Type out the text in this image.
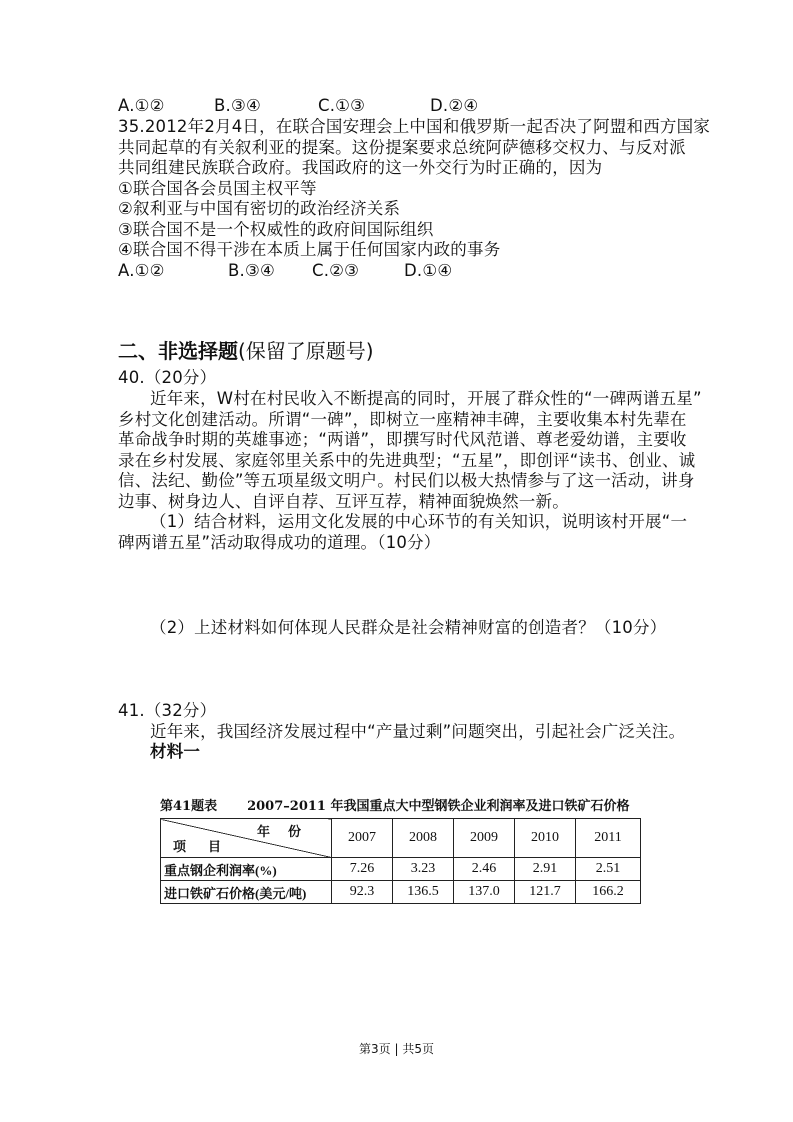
A.①②	B.③④	C.①③	D.②④
35.2012年2月4日，在联合国安理会上中国和俄罗斯一起否决了阿盟和西方国家
共同起草的有关叙利亚的提案。这份提案要求总统阿萨德移交权力、与反对派
共同组建民族联合政府。我国政府的这一外交行为时正确的，因为
①联合国各会员国主权平等
②叙利亚与中国有密切的政治经济关系
③联合国不是一个权威性的政府间国际组织
④联合国不得干涉在本质上属于任何国家内政的事务
A.①②	B.③④ C.②③	D.①④
二、非选择题(保留了原题号)
40.（20分）
近年来，W村在村民收入不断提高的同时，开展了群众性的“一碑两谱五星”
乡村文化创建活动。所谓“一碑”，即树立一座精神丰碑，主要收集本村先辈在
革命战争时期的英雄事迹；“两谱”，即撰写时代风范谱、尊老爱幼谱，主要收
录在乡村发展、家庭邻里关系中的先进典型；“五星”，即创评“读书、创业、诚
信、法纪、勤俭”等五项星级文明户。村民们以极大热情参与了这一活动，讲身
边事、树身边人、自评自荐、互评互荐，精神面貌焕然一新。
（1）结合材料，运用文化发展的中心环节的有关知识，说明该村开展“一
碑两谱五星”活动取得成功的道理。（10分）
（2）上述材料如何体现人民群众是社会精神财富的创造者？（10分）
41.（32分）
近年来，我国经济发展过程中“产量过剩”问题突出，引起社会广泛关注。
材料一
第41题表 2007–2011 年我国重点大中型钢铁企业利润率及进口铁矿石价格
年份
项目	2007	2008	2009	2010	2011
重点钢企利润率(%)	7.26	3.23	2.46	2.91	2.51
进口铁矿石价格(美元/吨)	92.3	136.5	137.0	121.7	166.2
第3页 | 共5页
